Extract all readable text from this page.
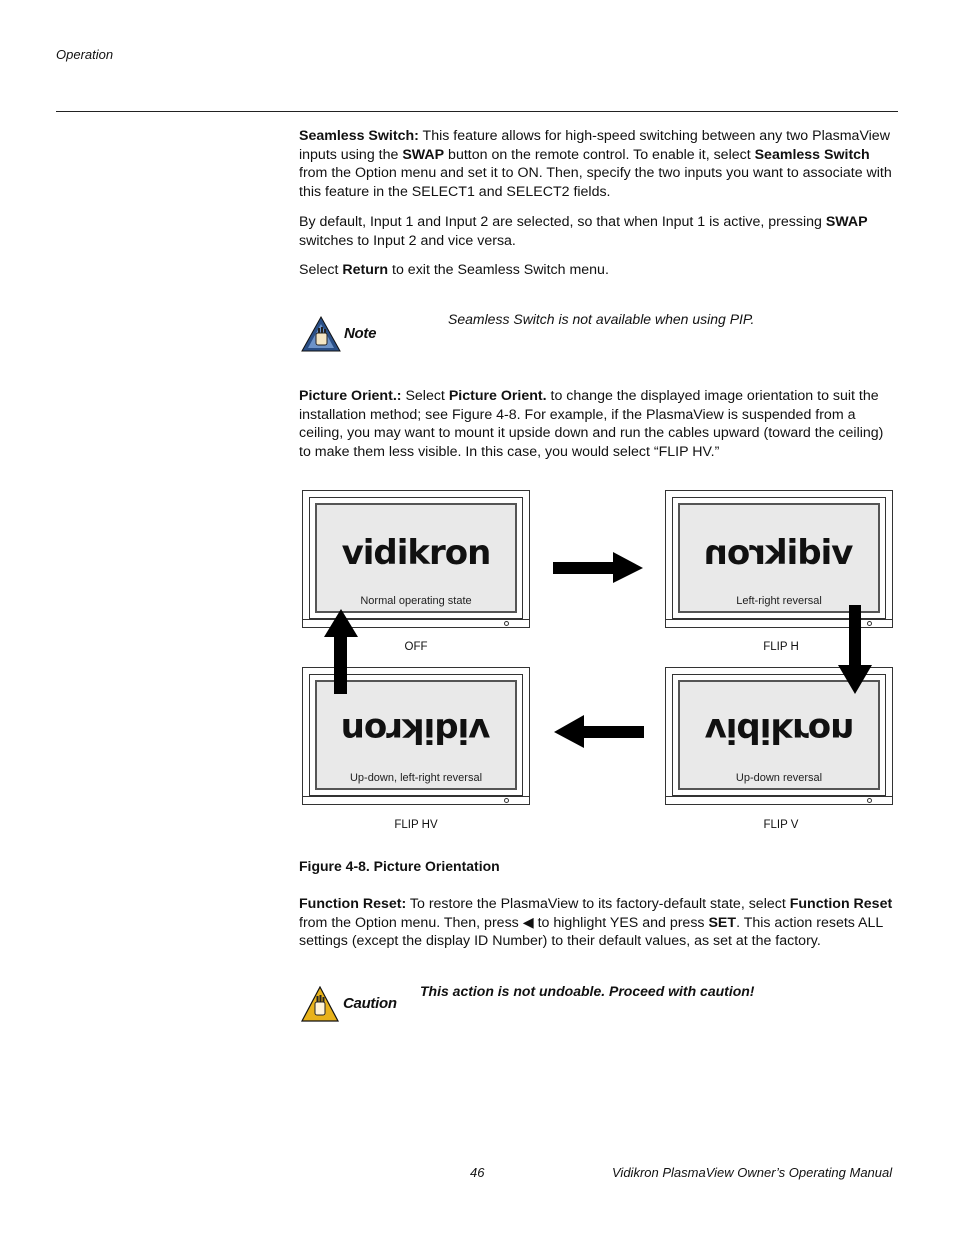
Operation
Seamless Switch: This feature allows for high-speed switching between any two PlasmaView inputs using the SWAP button on the remote control. To enable it, select Seamless Switch from the Option menu and set it to ON. Then, specify the two inputs you want to associate with this feature in the SELECT1 and SELECT2 fields.
By default, Input 1 and Input 2 are selected, so that when Input 1 is active, pressing SWAP switches to Input 2 and vice versa.
Select Return to exit the Seamless Switch menu.
Note
Seamless Switch is not available when using PIP.
Picture Orient.: Select Picture Orient. to change the displayed image orientation to suit the installation method; see Figure 4-8. For example, if the PlasmaView is suspended from a ceiling, you may want to mount it upside down and run the cables upward (toward the ceiling) to make them less visible. In this case, you would select “FLIP HV.”
vidikron
Normal operating state
OFF
vidikron
Left-right reversal
FLIP H
vidikron
Up-down, left-right reversal
FLIP HV
vidikron
Up-down reversal
FLIP V
Figure 4-8. Picture Orientation
Function Reset: To restore the PlasmaView to its factory-default state, select Function Reset from the Option menu. Then, press ◀ to highlight YES and press SET. This action resets ALL settings (except the display ID Number) to their default values, as set at the factory.
Caution
This action is not undoable. Proceed with caution!
46	Vidikron PlasmaView Owner’s Operating Manual
